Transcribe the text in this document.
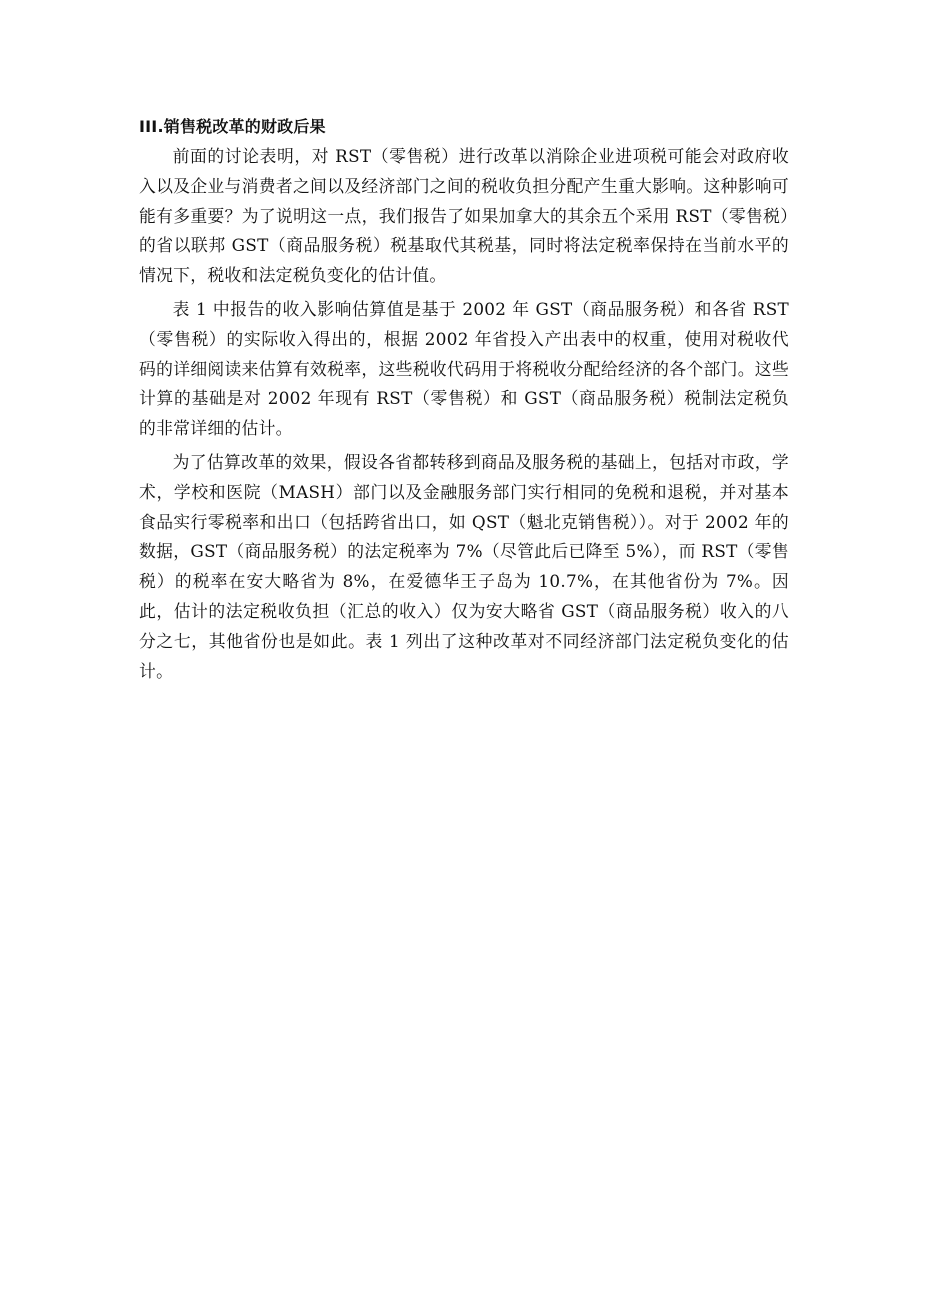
III.销售税改革的财政后果

前面的讨论表明，对 RST（零售税）进行改革以消除企业进项税可能会对政府收入以及企业与消费者之间以及经济部门之间的税收负担分配产生重大影响。这种影响可能有多重要？为了说明这一点，我们报告了如果加拿大的其余五个采用 RST（零售税）的省以联邦 GST（商品服务税）税基取代其税基，同时将法定税率保持在当前水平的情况下，税收和法定税负变化的估计值。

表 1 中报告的收入影响估算值是基于 2002 年 GST（商品服务税）和各省 RST（零售税）的实际收入得出的，根据 2002 年省投入产出表中的权重，使用对税收代码的详细阅读来估算有效税率，这些税收代码用于将税收分配给经济的各个部门。这些计算的基础是对 2002 年现有 RST（零售税）和 GST（商品服务税）税制法定税负的非常详细的估计。

为了估算改革的效果，假设各省都转移到商品及服务税的基础上，包括对市政，学术，学校和医院（MASH）部门以及金融服务部门实行相同的免税和退税，并对基本食品实行零税率和出口（包括跨省出口，如 QST（魁北克销售税））。对于 2002 年的数据，GST（商品服务税）的法定税率为 7%（尽管此后已降至 5%），而 RST（零售税）的税率在安大略省为 8%，在爱德华王子岛为 10.7%，在其他省份为 7%。因此，估计的法定税收负担（汇总的收入）仅为安大略省 GST（商品服务税）收入的八分之七，其他省份也是如此。表 1 列出了这种改革对不同经济部门法定税负变化的估计。
